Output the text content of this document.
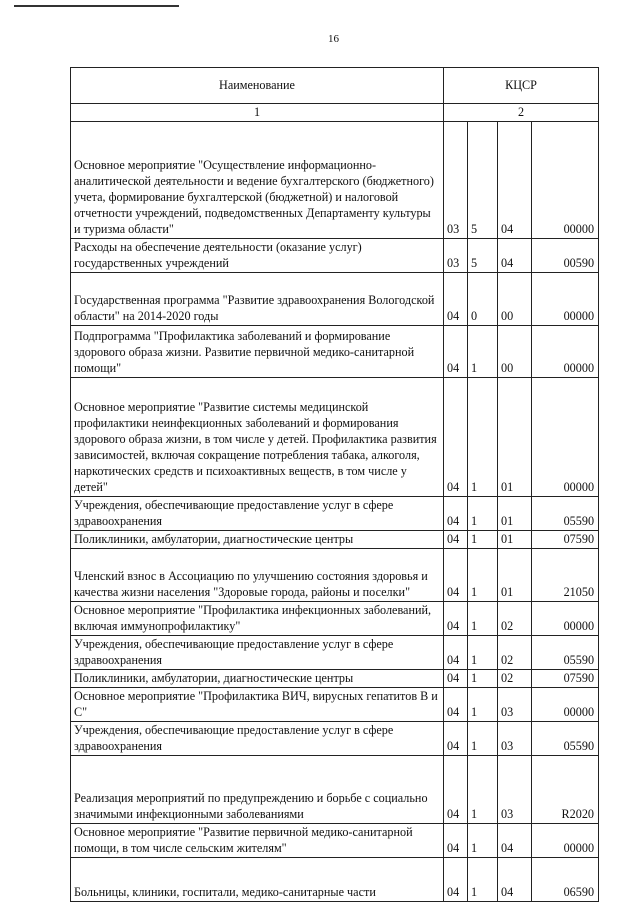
16
Наименование	КЦСР			
1	2			
Основное мероприятие "Осуществление информационно-аналитической деятельности и ведение бухгалтерского (бюджетного) учета, формирование бухгалтерской (бюджетной) и налоговой отчетности учреждений, подведомственных Департаменту культуры и туризма области"	03	5	04	00000
Расходы на обеспечение деятельности (оказание услуг) государственных учреждений	03	5	04	00590
Государственная программа "Развитие здравоохранения Вологодской области" на 2014-2020 годы	04	0	00	00000
Подпрограмма "Профилактика заболеваний и формирование здорового образа жизни. Развитие первичной медико-санитарной помощи"	04	1	00	00000
Основное мероприятие "Развитие системы медицинской профилактики неинфекционных заболеваний и формирования здорового образа жизни, в том числе у детей. Профилактика развития зависимостей, включая сокращение потребления табака, алкоголя, наркотических средств и психоактивных веществ, в том числе у детей"	04	1	01	00000
Учреждения, обеспечивающие предоставление услуг в сфере здравоохранения	04	1	01	05590
Поликлиники, амбулатории, диагностические центры	04	1	01	07590
Членский взнос в Ассоциацию по улучшению состояния здоровья и качества жизни населения "Здоровые города, районы и поселки"	04	1	01	21050
Основное мероприятие "Профилактика инфекционных заболеваний, включая иммунопрофилактику"	04	1	02	00000
Учреждения, обеспечивающие предоставление услуг в сфере здравоохранения	04	1	02	05590
Поликлиники, амбулатории, диагностические центры	04	1	02	07590
Основное мероприятие "Профилактика ВИЧ, вирусных гепатитов В и С"	04	1	03	00000
Учреждения, обеспечивающие предоставление услуг в сфере здравоохранения	04	1	03	05590
Реализация мероприятий по предупреждению и борьбе с социально значимыми инфекционными заболеваниями	04	1	03	R2020
Основное мероприятие "Развитие первичной медико-санитарной помощи, в том числе сельским жителям"	04	1	04	00000
Больницы, клиники, госпитали, медико-санитарные части	04	1	04	06590
